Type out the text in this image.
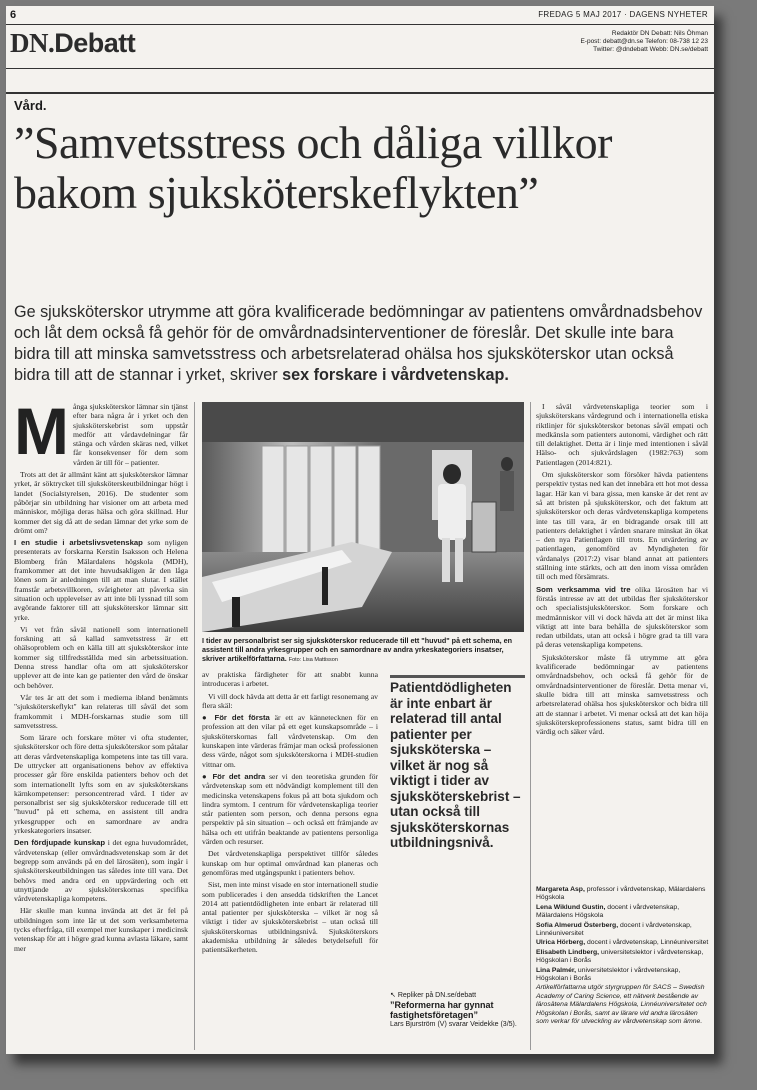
6	FREDAG 5 MAJ 2017 · DAGENS NYHETER
DN.Debatt	Redaktör DN Debatt: Nils Öhman
E-post: debatt@dn.se Telefon: 08-738 12 23
Twitter: @dndebatt Webb: DN.se/debatt
Vård.
”Samvetsstress och dåliga villkor bakom sjuksköterskeflykten”
Ge sjuksköterskor utrymme att göra kvalificerade bedömningar av patientens omvårdnadsbehov och låt dem också få gehör för de omvårdnadsinterventioner de föreslår. Det skulle inte bara bidra till att minska samvetsstress och arbetsrelaterad ohälsa hos sjuksköterskor utan också bidra till att de stannar i yrket, skriver sex forskare i vårdvetenskap.
M ånga sjuksköterskor lämnar sin tjänst efter bara några år i yrket och den sjuksköterskebrist som uppstår medför att vårdavdelningar får stänga och vården skäras ned, vilket får konsekvenser för dem som vården är till för – patienter.

Trots att det är allmänt känt att sjuksköterskor lämnar yrket, är söktrycket till sjuksköterskeutbildningar högt i landet (Socialstyrelsen, 2016). De studenter som påbörjar sin utbildning har visioner om att arbeta med människor, möjliga deras hälsa och göra skillnad. Hur kommer det sig då att de sedan lämnar det yrke som de drömt om?

I en studie i arbetslivsvetenskap som nyligen presenterats av forskarna Kerstin Isaksson och Helena Blomberg från Mälardalens högskola (MDH), framkommer att det inte huvudsakligen är den låga lönen som är anledningen till att man slutar. I stället framstår arbetsvillkoren, svårigheter att påverka sin situation och upplevelser av att inte bli lyssnad till som avgörande faktorer till att sjuksköterskor lämnar sitt yrke.

Vi vet från såväl nationell som internationell forskning att så kallad samvetsstress är ett ohälsoproblem och en källa till att sjuksköterskor inte kommer sig tillfredsställda med sin arbetssituation. Denna stress handlar ofta om att sjuksköterskor upplever att de inte kan ge patienter den vård de önskar och behöver.

Vår tes är att det som i medierna ibland benämnts "sjuksköterskeflykt" kan relateras till såväl det som framkommit i MDH-forskarnas studie som till samvetsstress.

Som lärare och forskare möter vi ofta studenter, sjuksköterskor och före detta sjuksköterskor som påtalar att deras vårdvetenskapliga kompetens inte tas till vara. De uttrycker att organisationens behov av effektiva processer går före enskilda patienters behov och det som internationellt lyfts som en av sjuksköterskans kärnkompetenser: personcentrerad vård. I tider av personalbrist ser sig sjuksköterskor reducerade till ett "huvud" på ett schema, en assistent till andra yrkesgrupper och en samordnare av andra yrkeskategoriers insatser.

Den fördjupade kunskap i det egna huvudområdet, vårdvetenskap (eller omvårdnadsvetenskap som är det begrepp som används på en del lärosäten), som ingår i sjuksköterskeutbildningen tas således inte till vara. Det behövs med andra ord en uppvärdering och ett utnyttjande av sjuksköterskornas specifika vårdvetenskapliga kompetens.

Här skulle man kunna invända att det är fel på utbildningen som inte lär ut det som verksamheterna tycks efterfråga, till exempel mer kunskaper i medicinsk vetenskap för att i högre grad kunna avlasta läkare, samt mer

I tider av personalbrist ser sig sjuksköterskor reducerade till ett "huvud" på ett schema, en assistent till andra yrkesgrupper och en samordnare av andra yrkeskategoriers insatser, skriver artikelförfattarna. Foto: Lisa Mattisson

av praktiska färdigheter för att snabbt kunna introduceras i arbetet.

Vi vill dock hävda att detta är ett farligt resonemang av flera skäl:

● För det första är ett av kännetecknen för en profession att den vilar på ett eget kunskapsområde – i sjuksköterskornas fall vårdvetenskap. Om den kunskapen inte värderas främjar man också professionen dess värde, något som sjuksköterskorna i MDH-studien vittnar om.

● För det andra ser vi den teoretiska grunden för vårdvetenskap som ett nödvändigt komplement till den medicinska vetenskapens fokus på att bota sjukdom och lindra symtom. I centrum för vårdvetenskapliga teorier står patienten som person, och denna persons egna perspektiv på sin situation – och också ett främjande av hälsa och ett utifrån beaktande av patientens personliga värden och resurser.

Det vårdvetenskapliga perspektivet tillför således kunskap om hur optimal omvårdnad kan planeras och genomföras med utgångspunkt i patienters behov.

Sist, men inte minst visade en stor internationell studie som publicerades i den ansedda tidskriften the Lancet 2014 att patientdödligheten inte enbart är relaterad till antal patienter per sjuksköterska – vilket är nog så viktigt i tider av sjuksköterskebrist – utan också till sjuksköterskornas utbildningsnivå. Sjuksköterskors akademiska utbildning är således betydelsefull för patientsäkerheten.

Patientdödligheten är inte enbart är relaterad till antal patienter per sjuksköterska – vilket är nog så viktigt i tider av sjuksköterskebrist – utan också till sjuksköterskornas utbildningsnivå.
↖ Repliker på DN.se/debatt
”Reformerna har gynnat fastighetsföretagen”
Lars Bjurström (V) svarar Veidekke (3/5).

I såväl vårdvetenskapliga teorier som i sjuksköterskans vårdegrund och i internationella etiska riktlinjer för sjuksköterskor betonas såväl empati och medkänsla som patienters autonomi, värdighet och rätt till delaktighet. Detta är i linje med intentionen i såväl Hälso- och sjukvårdslagen (1982:763) som Patientlagen (2014:821).

Om sjuksköterskor som försöker hävda patientens perspektiv tystas ned kan det innebära ett hot mot dessa lagar. Här kan vi bara gissa, men kanske är det rent av så att bristen på sjuksköterskor, och det faktum att sjuksköterskor och deras vårdvetenskapliga kompetens inte tas till vara, är en bidragande orsak till att patienters delaktighet i vården snarare minskat än ökat – den nya Patientlagen till trots. En utvärdering av patientlagen, genomförd av Myndigheten för vårdanalys (2017:2) visar bland annat att patienters ställning inte stärkts, och att den inom vissa områden till och med försämrats.

Som verksamma vid tre olika lärosäten har vi förstås intresse av att det utbildas fler sjuksköterskor och specialistsjuksköterskor. Som forskare och medmänniskor vill vi dock hävda att det är minst lika viktigt att inte bara behålla de sjuksköterskor som redan utbildats, utan att också i högre grad ta till vara på deras vetenskapliga kompetens.

Sjuksköterskor måste få utrymme att göra kvalificerade bedömningar av patientens omvårdnadsbehov, och också få gehör för de omvårdnadsinterventioner de föreslår. Detta menar vi, skulle bidra till att minska samvetsstress och arbetsrelaterad ohälsa hos sjuksköterskor och bidra till att de stannar i arbetet. Vi menar också att det kan höja sjuksköterskeprofessionens status, samt bidra till en värdig och säker vård.

Margareta Asp, professor i vårdvetenskap, Mälardalens Högskola
Lena Wiklund Gustin, docent i vårdvetenskap, Mälardalens Högskola
Sofia Almerud Österberg, docent i vårdvetenskap, Linnéuniversitet
Ulrica Hörberg, docent i vårdvetenskap, Linnéuniversitet
Elisabeth Lindberg, universitetslektor i vårdvetenskap, Högskolan i Borås
Lina Palmér, universitetslektor i vårdvetenskap, Högskolan i Borås
Artikelförfattarna utgör styrgruppen för SACS – Swedish Academy of Caring Science, ett nätverk bestående av lärosätena Mälardalens Högskola, Linnéuniversitetet och Högskolan i Borås, samt av lärare vid andra lärosäten som verkar för utveckling av vårdvetenskap som ämne.
